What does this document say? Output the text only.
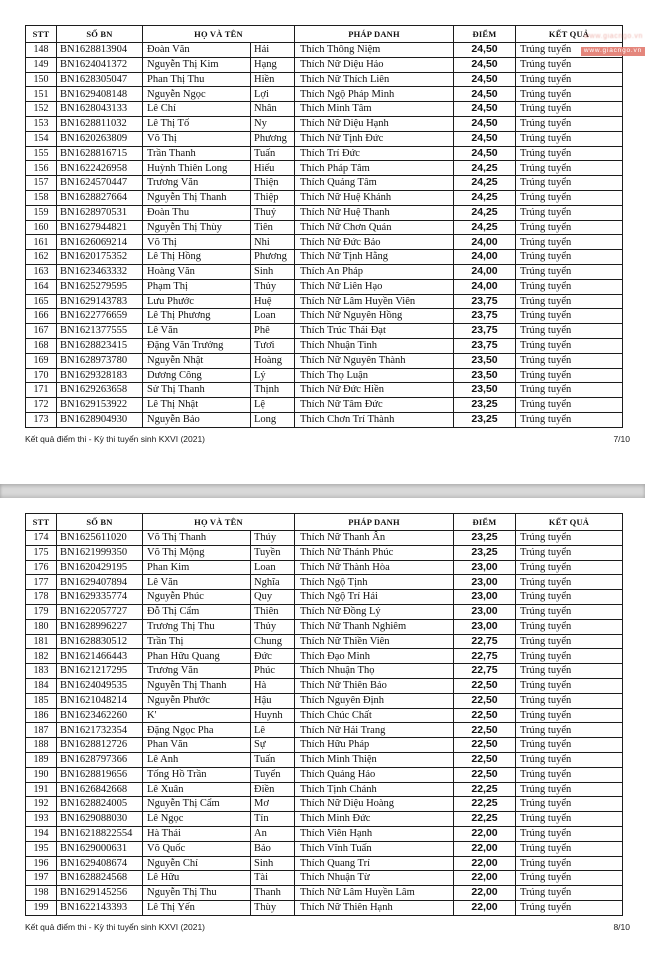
STT	SỐ BN	HỌ VÀ TÊN		PHÁP DANH	ĐIỂM	KẾT QUẢ
148	BN1628813904	Đoàn Văn	Hải	Thích Thông Niệm	24,50	Trúng tuyển
149	BN1624041372	Nguyễn Thị Kim	Hạng	Thích Nữ Diệu Hảo	24,50	Trúng tuyển
150	BN1628305047	Phan Thị Thu	Hiền	Thích Nữ Thích Liên	24,50	Trúng tuyển
151	BN1629408148	Nguyễn Ngọc	Lợi	Thích Ngộ Pháp Minh	24,50	Trúng tuyển
152	BN1628043133	Lê Chí	Nhân	Thích Minh Tâm	24,50	Trúng tuyển
153	BN1628811032	Lê Thị Tố	Ny	Thích Nữ Diệu Hạnh	24,50	Trúng tuyển
154	BN1620263809	Võ Thị	Phương	Thích Nữ Tịnh Đức	24,50	Trúng tuyển
155	BN1628816715	Trần Thanh	Tuấn	Thích Trí Đức	24,50	Trúng tuyển
156	BN1622426958	Huỳnh Thiên Long	Hiếu	Thích Pháp Tâm	24,25	Trúng tuyển
157	BN1624570447	Trương Văn	Thiện	Thích Quảng Tâm	24,25	Trúng tuyển
158	BN1628827664	Nguyễn Thị Thanh	Thiệp	Thích Nữ Huệ Khánh	24,25	Trúng tuyển
159	BN1628970531	Đoàn Thu	Thuỷ	Thích Nữ Huệ Thanh	24,25	Trúng tuyển
160	BN1627944821	Nguyễn Thị Thùy	Tiên	Thích Nữ Chơn Quán	24,25	Trúng tuyển
161	BN1626069214	Võ Thị	Nhi	Thích Nữ Đức Bảo	24,00	Trúng tuyển
162	BN1620175352	Lê Thị Hồng	Phương	Thích Nữ Tịnh Hằng	24,00	Trúng tuyển
163	BN1623463332	Hoàng Văn	Sinh	Thích An Pháp	24,00	Trúng tuyển
164	BN1625279595	Phạm Thị	Thủy	Thích Nữ Liên Hạo	24,00	Trúng tuyển
165	BN1629143783	Lưu Phước	Huệ	Thích Nữ Lâm Huyền Viên	23,75	Trúng tuyển
166	BN1622776659	Lê Thị Phương	Loan	Thích Nữ Nguyên Hồng	23,75	Trúng tuyển
167	BN1621377555	Lê Văn	Phê	Thích Trúc Thái Đạt	23,75	Trúng tuyển
168	BN1628823415	Đặng Văn Trưởng	Tươi	Thích Nhuận Tinh	23,75	Trúng tuyển
169	BN1628973780	Nguyễn Nhật	Hoàng	Thích Nữ Nguyên Thành	23,50	Trúng tuyển
170	BN1629328183	Dương Công	Lý	Thích Thọ Luận	23,50	Trúng tuyển
171	BN1629263658	Sử Thị Thanh	Thịnh	Thích Nữ Đức Hiền	23,50	Trúng tuyển
172	BN1629153922	Lê Thị Nhật	Lệ	Thích Nữ Tâm Đức	23,25	Trúng tuyển
173	BN1628904930	Nguyễn Bảo	Long	Thích Chơn Trí Thành	23,25	Trúng tuyển
Kết quả điểm thi - Kỳ thi tuyển sinh KXVI (2021)	7/10
STT	SỐ BN	HỌ VÀ TÊN		PHÁP DANH	ĐIỂM	KẾT QUẢ
174	BN1625611020	Võ Thị Thanh	Thúy	Thích Nữ Thanh Ân	23,25	Trúng tuyển
175	BN1621999350	Võ Thị Mộng	Tuyền	Thích Nữ Thánh Phúc	23,25	Trúng tuyển
176	BN1620429195	Phan Kim	Loan	Thích Nữ Thành Hòa	23,00	Trúng tuyển
177	BN1629407894	Lê Văn	Nghĩa	Thích Ngộ Tịnh	23,00	Trúng tuyển
178	BN1629335774	Nguyễn Phúc	Quy	Thích Ngộ Trí Hải	23,00	Trúng tuyển
179	BN1622057727	Đỗ Thị Cẩm	Thiên	Thích Nữ Đồng Lý	23,00	Trúng tuyển
180	BN1628996227	Trương Thị Thu	Thủy	Thích Nữ Thanh Nghiêm	23,00	Trúng tuyển
181	BN1628830512	Trần Thị	Chung	Thích Nữ Thiền Viên	22,75	Trúng tuyển
182	BN1621466443	Phan Hữu Quang	Đức	Thích Đạo Minh	22,75	Trúng tuyển
183	BN1621217295	Trương Văn	Phúc	Thích Nhuận Thọ	22,75	Trúng tuyển
184	BN1624049535	Nguyễn Thị Thanh	Hà	Thích Nữ Thiên Bảo	22,50	Trúng tuyển
185	BN1621048214	Nguyễn Phước	Hậu	Thích Nguyên Định	22,50	Trúng tuyển
186	BN1623462260	K'	Huynh	Thích Chúc Chất	22,50	Trúng tuyển
187	BN1621732354	Đặng Ngọc Pha	Lê	Thích Nữ Hải Trang	22,50	Trúng tuyển
188	BN1628812726	Phan Văn	Sự	Thích Hữu Pháp	22,50	Trúng tuyển
189	BN1628797366	Lê Anh	Tuấn	Thích Minh Thiện	22,50	Trúng tuyển
190	BN1628819656	Tống Hồ Trần	Tuyển	Thích Quảng Hảo	22,50	Trúng tuyển
191	BN1626842668	Lê Xuân	Điền	Thích Tịnh Chánh	22,25	Trúng tuyển
192	BN1628824005	Nguyễn Thị Cẩm	Mơ	Thích Nữ Diệu Hoàng	22,25	Trúng tuyển
193	BN1629088030	Lê Ngọc	Tín	Thích Minh Đức	22,25	Trúng tuyển
194	BN16218822554	Hà Thái	An	Thích Viên Hạnh	22,00	Trúng tuyển
195	BN1629000631	Võ Quốc	Bảo	Thích Vĩnh Tuấn	22,00	Trúng tuyển
196	BN1629408674	Nguyễn Chí	Sinh	Thích Quang Trí	22,00	Trúng tuyển
197	BN1628824568	Lê Hữu	Tài	Thích Nhuận Từ	22,00	Trúng tuyển
198	BN1629145256	Nguyễn Thị Thu	Thanh	Thích Nữ Lâm Huyền Lâm	22,00	Trúng tuyển
199	BN1622143393	Lê Thị Yến	Thùy	Thích Nữ Thiên Hạnh	22,00	Trúng tuyển
Kết quả điểm thi - Kỳ thi tuyển sinh KXVI (2021)	8/10
www.giacngo.vn
www.giacngo.vn
